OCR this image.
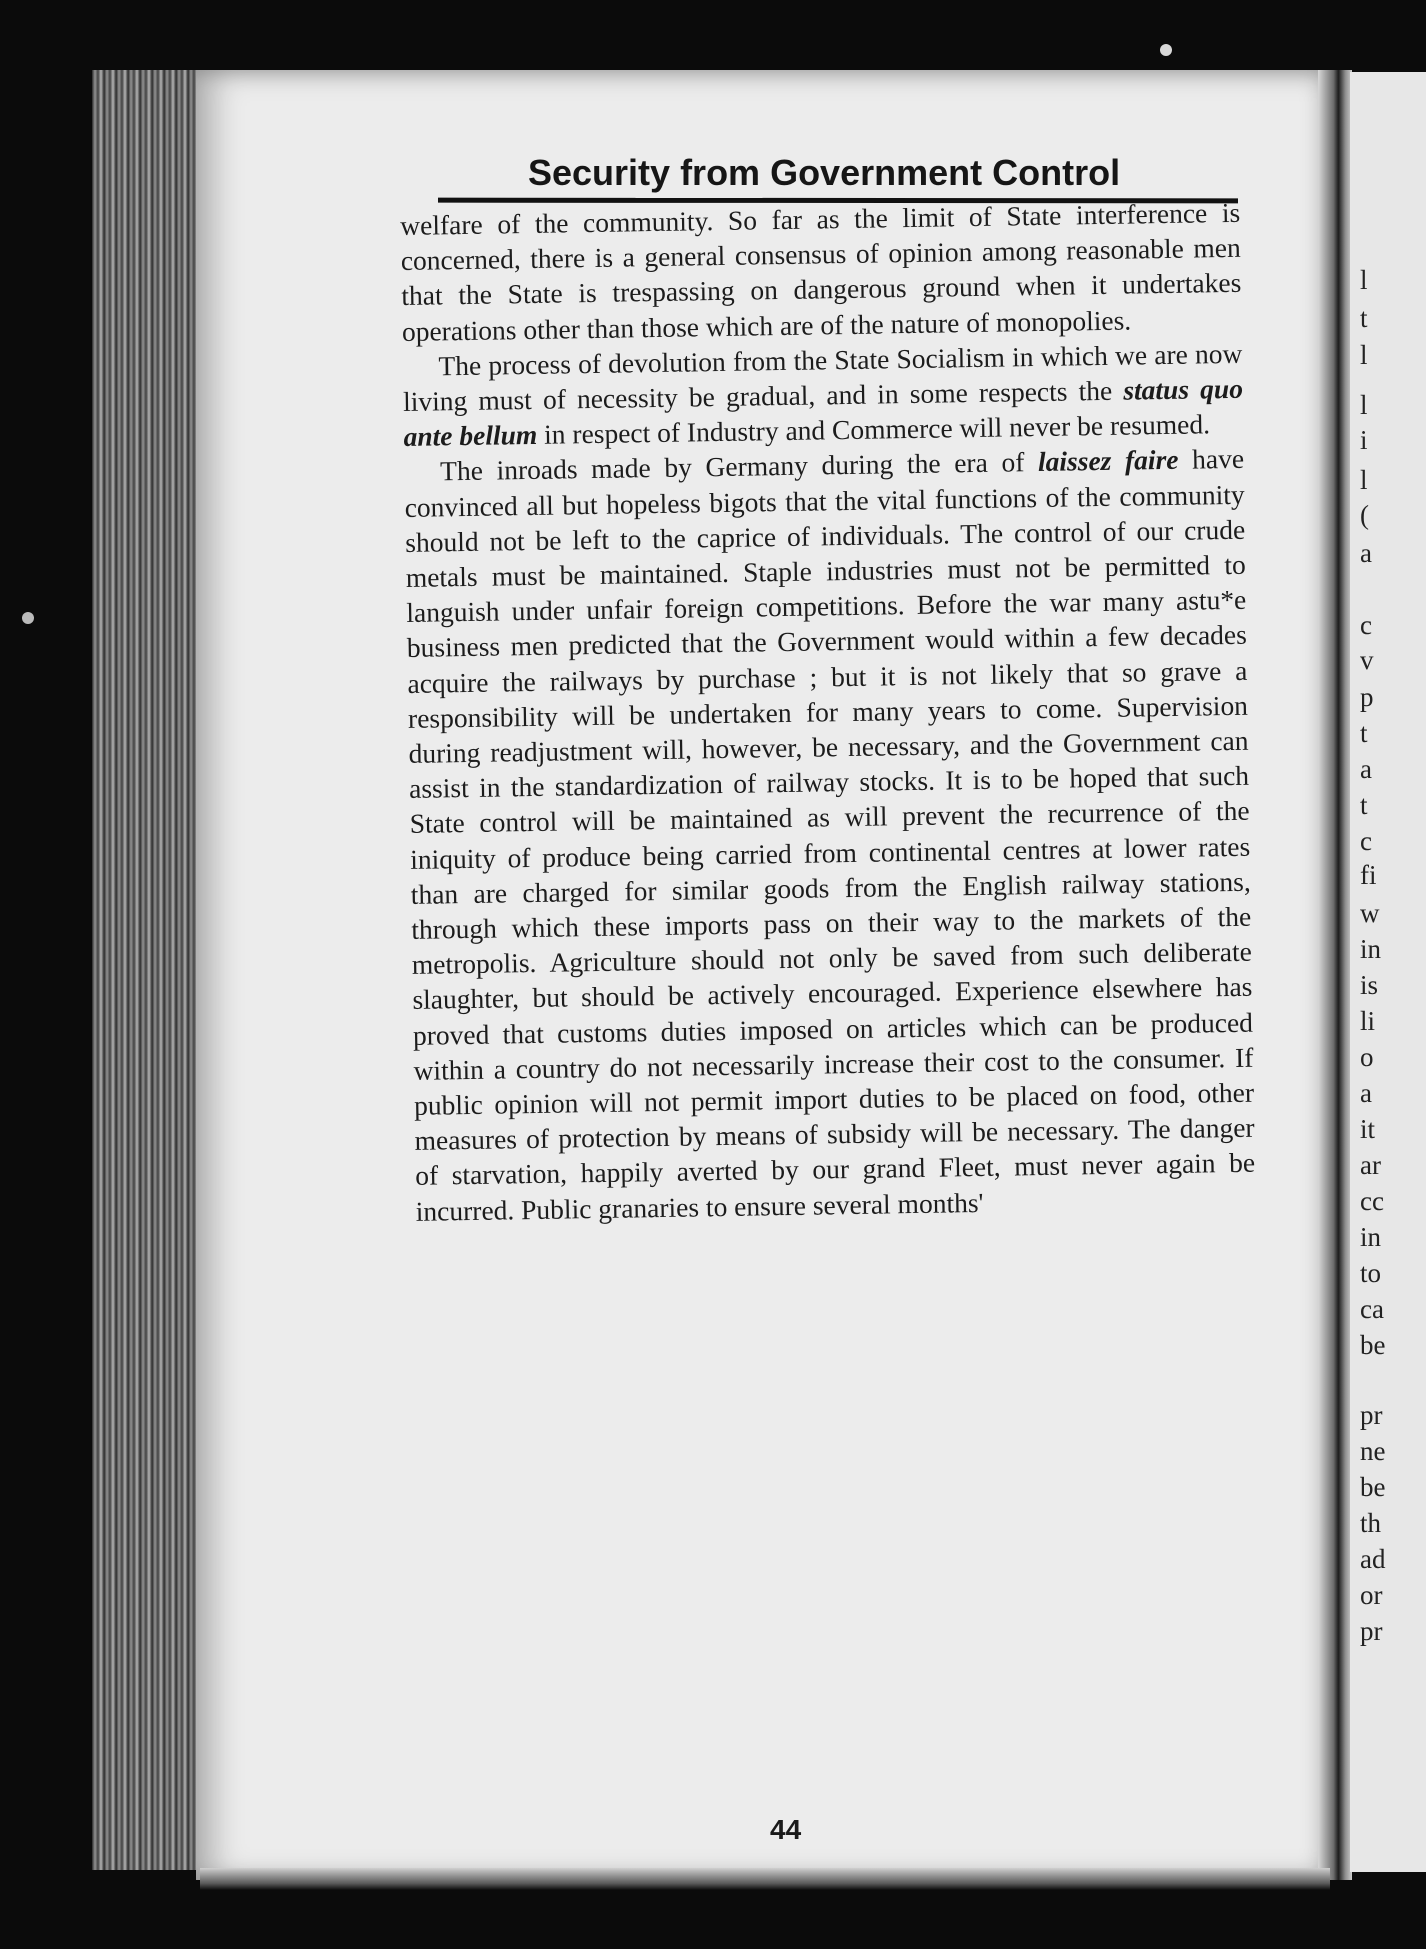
l
t
l
l
i
l
(
a
c
v
p
t
a
t
c
fi
w
in
is
li
o
a
it
ar
cc
in
to
ca
be
pr
ne
be
th
ad
or
pr
Security from Government Control

welfare of the community. So far as the limit of State interference is concerned, there is a general consensus of opinion among reasonable men that the State is trespassing on dangerous ground when it undertakes operations other than those which are of the nature of monopolies.

The process of devolution from the State Socialism in which we are now living must of necessity be gradual, and in some respects the status quo ante bellum in respect of Industry and Commerce will never be resumed.

The inroads made by Germany during the era of laissez faire have convinced all but hopeless bigots that the vital functions of the community should not be left to the caprice of individuals. The control of our crude metals must be maintained. Staple industries must not be permitted to languish under unfair foreign competitions. Before the war many astu*e business men predicted that the Government would within a few decades acquire the railways by purchase ; but it is not likely that so grave a responsibility will be undertaken for many years to come. Supervision during readjustment will, however, be necessary, and the Government can assist in the standardization of railway stocks. It is to be hoped that such State control will be maintained as will prevent the recurrence of the iniquity of produce being carried from continental centres at lower rates than are charged for similar goods from the English railway stations, through which these imports pass on their way to the markets of the metropolis. Agriculture should not only be saved from such deliberate slaughter, but should be actively encouraged. Experience elsewhere has proved that customs duties imposed on articles which can be produced within a country do not necessarily increase their cost to the consumer. If public opinion will not permit import duties to be placed on food, other measures of protection by means of subsidy will be necessary. The danger of starvation, happily averted by our grand Fleet, must never again be incurred. Public granaries to ensure several months'

44
